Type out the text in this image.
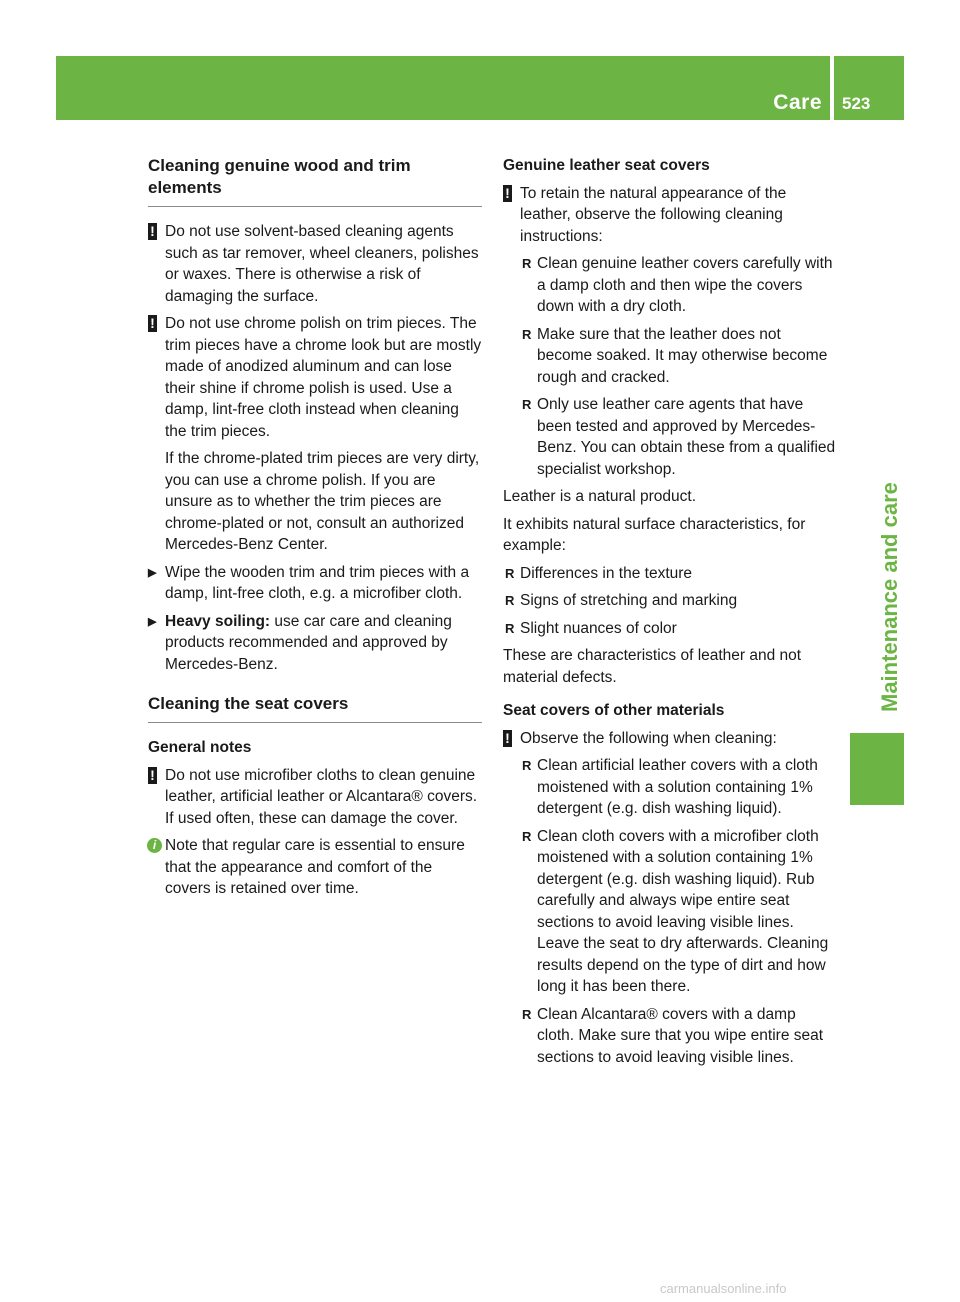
Care 523
Maintenance and care
Cleaning genuine wood and trim elements
! Do not use solvent-based cleaning agents such as tar remover, wheel cleaners, polishes or waxes. There is otherwise a risk of damaging the surface.
! Do not use chrome polish on trim pieces. The trim pieces have a chrome look but are mostly made of anodized aluminum and can lose their shine if chrome polish is used. Use a damp, lint-free cloth instead when cleaning the trim pieces.
If the chrome-plated trim pieces are very dirty, you can use a chrome polish. If you are unsure as to whether the trim pieces are chrome-plated or not, consult an authorized Mercedes-Benz Center.
▶ Wipe the wooden trim and trim pieces with a damp, lint-free cloth, e.g. a microfiber cloth.
▶ Heavy soiling: use car care and cleaning products recommended and approved by Mercedes-Benz.
Cleaning the seat covers
General notes
! Do not use microfiber cloths to clean genuine leather, artificial leather or Alcantara® covers. If used often, these can damage the cover.
i Note that regular care is essential to ensure that the appearance and comfort of the covers is retained over time.
Genuine leather seat covers
! To retain the natural appearance of the leather, observe the following cleaning instructions:
R Clean genuine leather covers carefully with a damp cloth and then wipe the covers down with a dry cloth.
R Make sure that the leather does not become soaked. It may otherwise become rough and cracked.
R Only use leather care agents that have been tested and approved by Mercedes-Benz. You can obtain these from a qualified specialist workshop.
Leather is a natural product.
It exhibits natural surface characteristics, for example:
R Differences in the texture
R Signs of stretching and marking
R Slight nuances of color
These are characteristics of leather and not material defects.
Seat covers of other materials
! Observe the following when cleaning:
R Clean artificial leather covers with a cloth moistened with a solution containing 1% detergent (e.g. dish washing liquid).
R Clean cloth covers with a microfiber cloth moistened with a solution containing 1% detergent (e.g. dish washing liquid). Rub carefully and always wipe entire seat sections to avoid leaving visible lines. Leave the seat to dry afterwards. Cleaning results depend on the type of dirt and how long it has been there.
R Clean Alcantara® covers with a damp cloth. Make sure that you wipe entire seat sections to avoid leaving visible lines.
carmanualsonline.info
